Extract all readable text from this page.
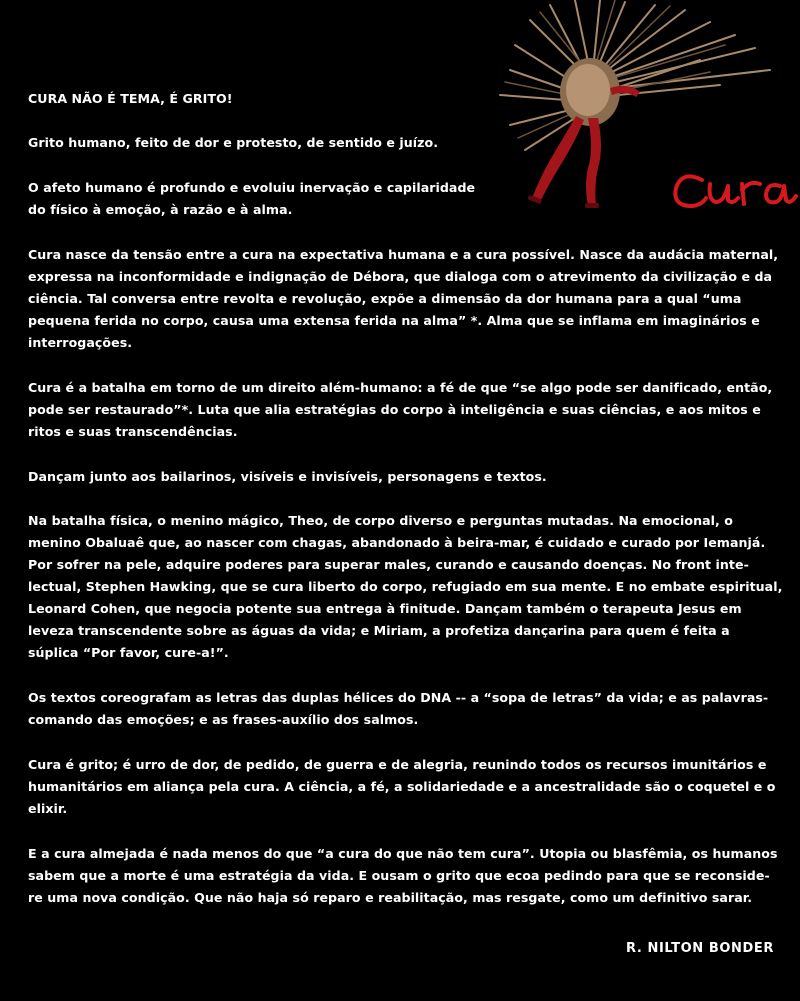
CURA NÃO É TEMA, É GRITO!
Grito humano, feito de dor e protesto, de sentido e juízo.
O afeto humano é profundo e evoluiu inervação e capilaridade
do físico à emoção, à razão e à alma.
Cura nasce da tensão entre a cura na expectativa humana e a cura possível. Nasce da audácia maternal,
expressa na inconformidade e indignação de Débora, que dialoga com o atrevimento da civilização e da
ciência. Tal conversa entre revolta e revolução, expõe a dimensão da dor humana para a qual “uma
pequena ferida no corpo, causa uma extensa ferida na alma” *. Alma que se inflama em imaginários e
interrogações.
Cura é a batalha em torno de um direito além-humano: a fé de que “se algo pode ser danificado, então,
pode ser restaurado”*. Luta que alia estratégias do corpo à inteligência e suas ciências, e aos mitos e
ritos e suas transcendências.
Dançam junto aos bailarinos, visíveis e invisíveis, personagens e textos.
Na batalha física, o menino mágico, Theo, de corpo diverso e perguntas mutadas. Na emocional, o
menino Obaluaê que, ao nascer com chagas, abandonado à beira-mar, é cuidado e curado por Iemanjá.
Por sofrer na pele, adquire poderes para superar males, curando e causando doenças. No front inte-
lectual, Stephen Hawking, que se cura liberto do corpo, refugiado em sua mente. E no embate espiritual,
Leonard Cohen, que negocia potente sua entrega à finitude. Dançam também o terapeuta Jesus em
leveza transcendente sobre as águas da vida; e Miriam, a profetiza dançarina para quem é feita a
súplica “Por favor, cure-a!”.
Os textos coreografam as letras das duplas hélices do DNA -- a “sopa de letras” da vida; e as palavras-
comando das emoções; e as frases-auxílio dos salmos.
Cura é grito; é urro de dor, de pedido, de guerra e de alegria, reunindo todos os recursos imunitários e
humanitários em aliança pela cura. A ciência, a fé, a solidariedade e a ancestralidade são o coquetel e o
elixir.
E a cura almejada é nada menos do que “a cura do que não tem cura”. Utopia ou blasfêmia, os humanos
sabem que a morte é uma estratégia da vida. E ousam o grito que ecoa pedindo para que se reconside-
re uma nova condição. Que não haja só reparo e reabilitação, mas resgate, como um definitivo sarar.
R. NILTON BONDER
